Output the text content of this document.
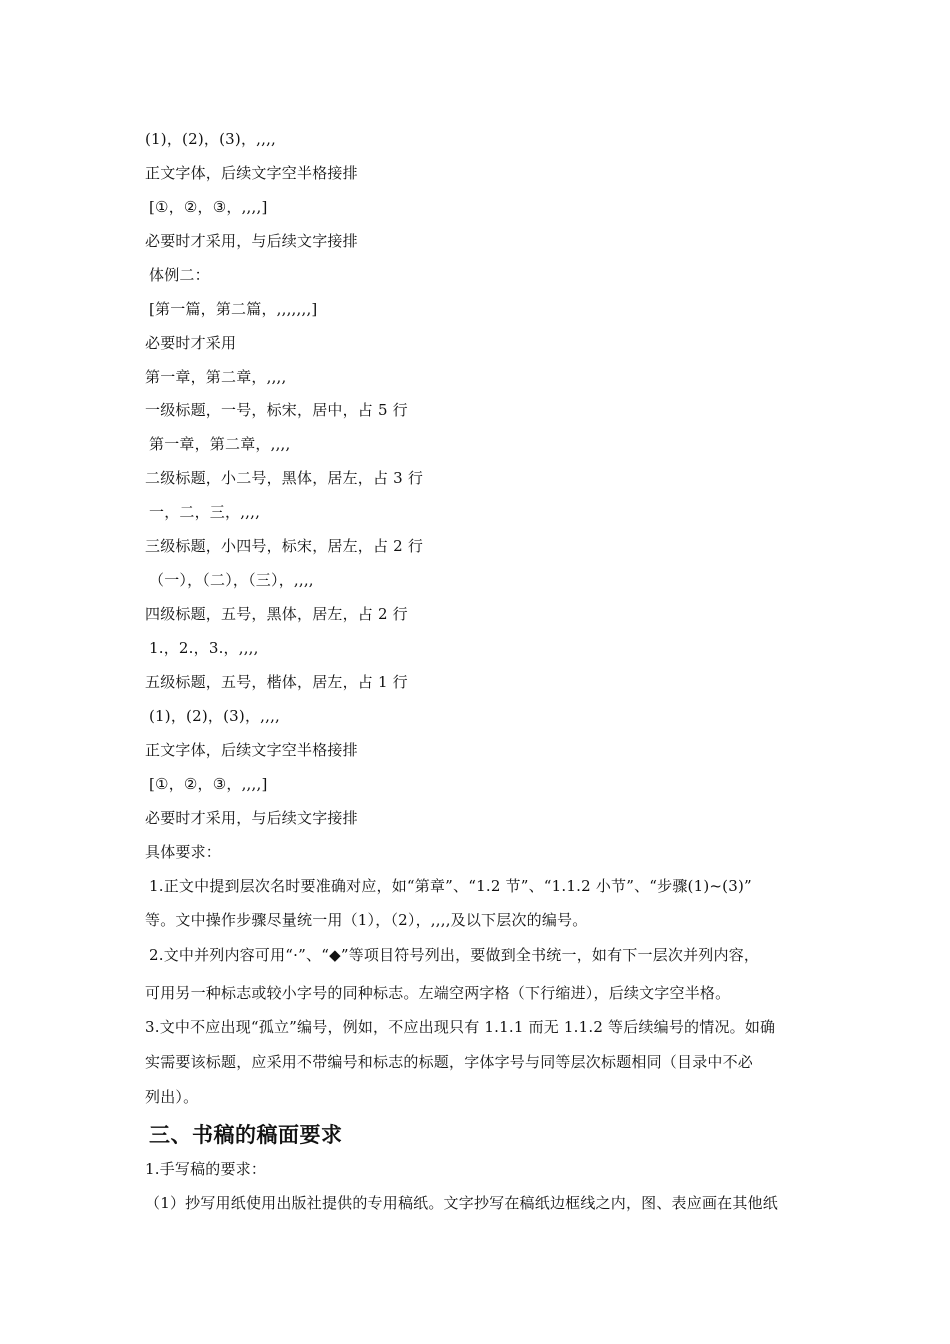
(1)，(2)，(3)，,,,,
正文字体，后续文字空半格接排
[①，②，③，,,,,]
必要时才采用，与后续文字接排
体例二：
[第一篇，第二篇，,,,,,,,]
必要时才采用
第一章，第二章，,,,,
一级标题，一号，标宋，居中，占 5 行
第一章，第二章，,,,,
二级标题，小二号，黑体，居左，占 3 行
一，二，三，,,,,
三级标题，小四号，标宋，居左，占 2 行
（一），（二），（三），,,,,
四级标题，五号，黑体，居左，占 2 行
1.，2.，3.，,,,,
五级标题，五号，楷体，居左，占 1 行
(1)，(2)，(3)，,,,,
正文字体，后续文字空半格接排
[①，②，③，,,,,]
必要时才采用，与后续文字接排
具体要求：
1.正文中提到层次名时要准确对应，如“第章”、“1.2 节”、“1.1.2 小节”、“步骤(1)~(3)”
等。文中操作步骤尽量统一用（1），（2），,,,,及以下层次的编号。
2.文中并列内容可用“·”、“◆”等项目符号列出，要做到全书统一，如有下一层次并列内容，
可用另一种标志或较小字号的同种标志。左端空两字格（下行缩进），后续文字空半格。
3.文中不应出现“孤立”编号，例如，不应出现只有 1.1.1 而无 1.1.2 等后续编号的情况。如确
实需要该标题，应采用不带编号和标志的标题，字体字号与同等层次标题相同（目录中不必
列出）。
三、书稿的稿面要求
1.手写稿的要求：
（1）抄写用纸使用出版社提供的专用稿纸。文字抄写在稿纸边框线之内，图、表应画在其他纸
